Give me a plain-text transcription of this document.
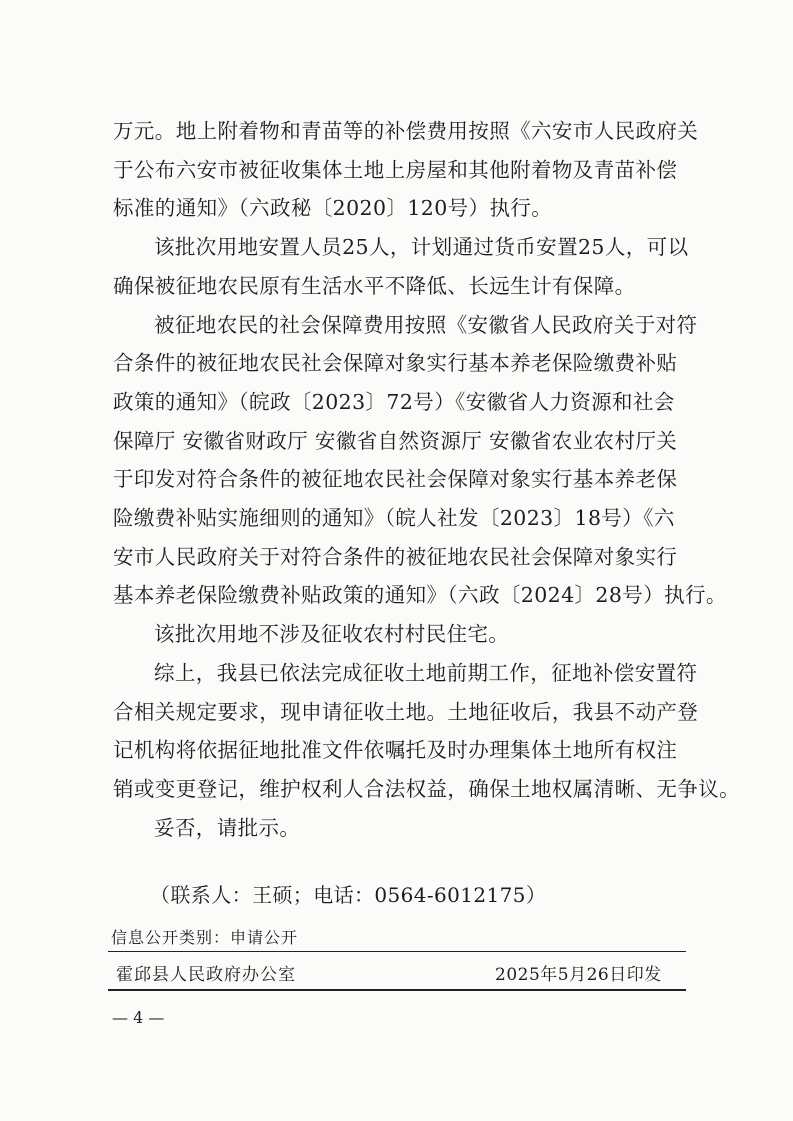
万元。地上附着物和青苗等的补偿费用按照《六安市人民政府关
于公布六安市被征收集体土地上房屋和其他附着物及青苗补偿
标准的通知》（六政秘〔2020〕120号）执行。

该批次用地安置人员25人，计划通过货币安置25人，可以
确保被征地农民原有生活水平不降低、长远生计有保障。

被征地农民的社会保障费用按照《安徽省人民政府关于对符
合条件的被征地农民社会保障对象实行基本养老保险缴费补贴
政策的通知》（皖政〔2023〕72号）《安徽省人力资源和社会
保障厅 安徽省财政厅 安徽省自然资源厅 安徽省农业农村厅关
于印发对符合条件的被征地农民社会保障对象实行基本养老保
险缴费补贴实施细则的通知》（皖人社发〔2023〕18号）《六
安市人民政府关于对符合条件的被征地农民社会保障对象实行
基本养老保险缴费补贴政策的通知》（六政〔2024〕28号）执行。

该批次用地不涉及征收农村村民住宅。

综上，我县已依法完成征收土地前期工作，征地补偿安置符
合相关规定要求，现申请征收土地。土地征收后，我县不动产登
记机构将依据征地批准文件依嘱托及时办理集体土地所有权注
销或变更登记，维护权利人合法权益，确保土地权属清晰、无争议。

妥否，请批示。

（联系人：王硕；电话：0564-6012175）
信息公开类别：申请公开
霍邱县人民政府办公室	2025年5月26日印发
— 4 —
